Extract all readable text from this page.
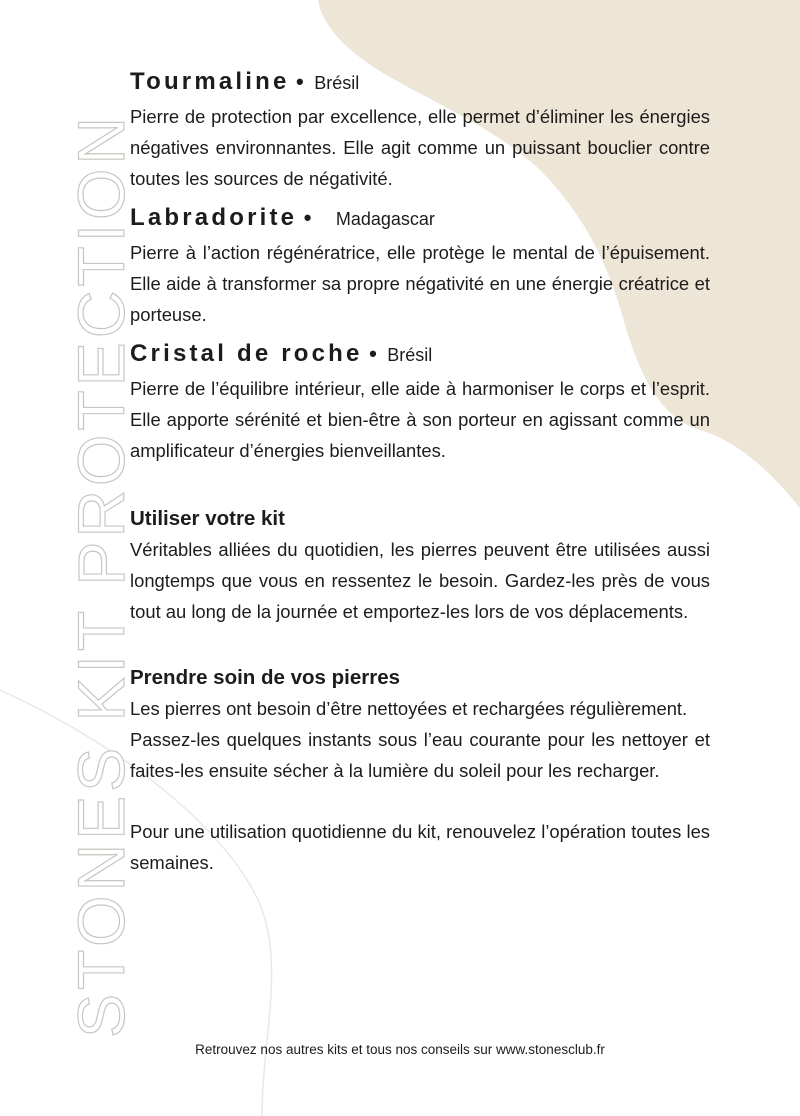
STONES KIT PROTECTION

Tourmaline • Brésil

Pierre de protection par excellence, elle permet d’éliminer les énergies négatives environnantes. Elle agit comme un puissant bouclier contre toutes les sources de négativité.

Labradorite • Madagascar

Pierre à l’action régénératrice, elle protège le mental de l’épuisement. Elle aide à transformer sa propre négativité en une énergie créatrice et porteuse.

Cristal de roche • Brésil

Pierre de l’équilibre intérieur, elle aide à harmoniser le corps et l’esprit. Elle apporte sérénité et bien-être à son porteur en agissant comme un amplificateur d’énergies bienveillantes.

Utiliser votre kit

Véritables alliées du quotidien, les pierres peuvent être utilisées aussi longtemps que vous en ressentez le besoin. Gardez-les près de vous tout au long de la journée et emportez-les lors de vos déplacements.

Prendre soin de vos pierres

Les pierres ont besoin d’être nettoyées et rechargées régulièrement.

Passez-les quelques instants sous l’eau courante pour les nettoyer et faites-les ensuite sécher à la lumière du soleil pour les recharger.

Pour une utilisation quotidienne du kit, renouvelez l’opération toutes les semaines.

Retrouvez nos autres kits et tous nos conseils sur www.stonesclub.fr
